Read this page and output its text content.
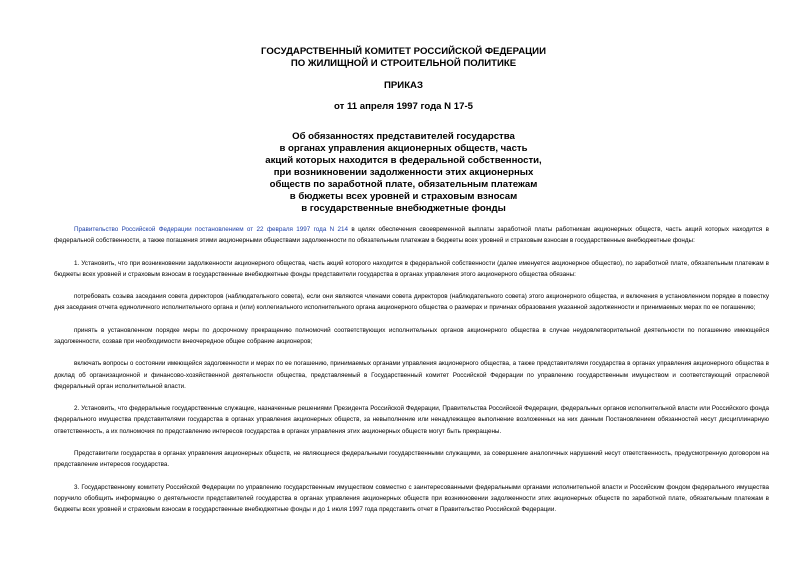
ГОСУДАРСТВЕННЫЙ КОМИТЕТ РОССИЙСКОЙ ФЕДЕРАЦИИ
ПО ЖИЛИЩНОЙ И СТРОИТЕЛЬНОЙ ПОЛИТИКЕ
ПРИКАЗ
от 11 апреля 1997 года N 17-5
Об обязанностях представителей государства
в органах управления акционерных обществ, часть
акций которых находится в федеральной собственности,
при возникновении задолженности этих акционерных
обществ по заработной плате, обязательным платежам
в бюджеты всех уровней и страховым взносам
в государственные внебюджетные фонды

Правительство Российской Федерации постановлением от 22 февраля 1997 года N 214 в целях обеспечения своевременной выплаты заработной платы работникам акционерных обществ, часть акций которых находится в федеральной собственности, а также погашения этими акционерными обществами задолженности по обязательным платежам в бюджеты всех уровней и страховым взносам в государственные внебюджетные фонды:

1. Установить, что при возникновении задолженности акционерного общества, часть акций которого находится в федеральной собственности (далее именуется акционерное общество), по заработной плате, обязательным платежам в бюджеты всех уровней и страховым взносам в государственные внебюджетные фонды представители государства в органах управления этого акционерного общества обязаны:

потребовать созыва заседания совета директоров (наблюдательного совета), если они являются членами совета директоров (наблюдательного совета) этого акционерного общества, и включения в установленном порядке в повестку дня заседания отчета единоличного исполнительного органа и (или) коллегиального исполнительного органа акционерного общества о размерах и причинах образования указанной задолженности и принимаемых мерах по ее погашению;

принять в установленном порядке меры по досрочному прекращению полномочий соответствующих исполнительных органов акционерного общества в случае неудовлетворительной деятельности по погашению имеющейся задолженности, созвав при необходимости внеочередное общее собрание акционеров;

включать вопросы о состоянии имеющейся задолженности и мерах по ее погашению, принимаемых органами управления акционерного общества, а также представителями государства в органах управления акционерного общества в доклад об организационной и финансово-хозяйственной деятельности общества, представляемый в Государственный комитет Российской Федерации по управлению государственным имуществом и соответствующий отраслевой федеральный орган исполнительной власти.

2. Установить, что федеральные государственные служащие, назначенные решениями Президента Российской Федерации, Правительства Российской Федерации, федеральных органов исполнительной власти или Российского фонда федерального имущества представителями государства в органах управления акционерных обществ, за невыполнение или ненадлежащее выполнение возложенных на них данным Постановлением обязанностей несут дисциплинарную ответственность, а их полномочия по представлению интересов государства в органах управления этих акционерных обществ могут быть прекращены.

Представители государства в органах управления акционерных обществ, не являющиеся федеральными государственными служащими, за совершение аналогичных нарушений несут ответственность, предусмотренную договором на представление интересов государства.

3. Государственному комитету Российской Федерации по управлению государственным имуществом совместно с заинтересованными федеральными органами исполнительной власти и Российским фондом федерального имущества поручило обобщить информацию о деятельности представителей государства в органах управления акционерных обществ при возникновении задолженности этих акционерных обществ по заработной плате, обязательным платежам в бюджеты всех уровней и страховым взносам в государственные внебюджетные фонды и до 1 июля 1997 года представить отчет в Правительство Российской Федерации.
